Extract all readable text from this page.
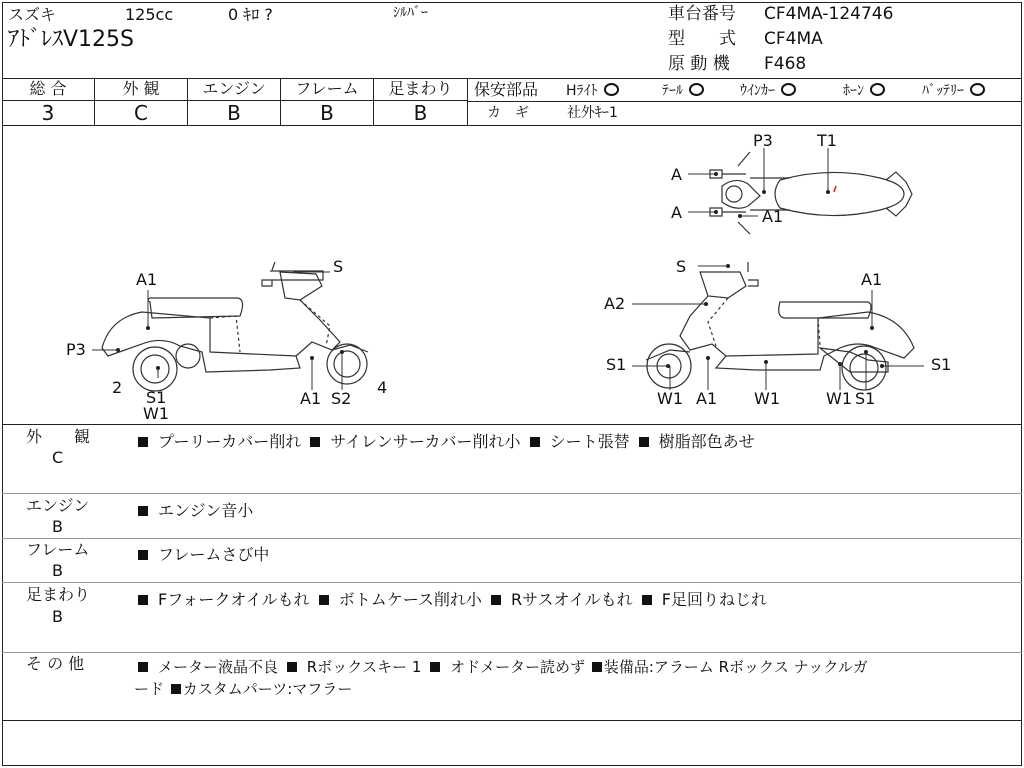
スズキ	125cc	0 ｷﾛ ?	ｼﾙﾊﾞｰ
ｱﾄﾞﾚｽV125S
車台番号 CF4MA-124746
型　　式 CF4MA
原 動 機 F468
総 合	外 観	エンジン	フレーム	足まわり
3	C	B	B	B
保安部品 Hﾗｲﾄ	ﾃｰﾙ	ｳｲﾝｶｰ	ﾎｰﾝ	ﾊﾞｯﾃﾘｰ
カ　ギ	社外ｷｰ1
A1
S
P3
2
S1
W1
A1 S2
4
S
A1
A2
S1	S1
W1 A1 W1	W1 S1
P3	T1
A
A	A1
外　　観
C
プーリーカバー削れ サイレンサーカバー削れ小 シート張替 樹脂部色あせ
エンジン
B
エンジン音小
フレーム
B
フレームさび中
足まわり
B
Fフォークオイルもれ ボトムケース削れ小 Rサスオイルもれ F足回りねじれ
そ の 他	メーター液晶不良 Rボックスキー 1 オドメーター読めず 装備品:アラーム Rボックス ナックルガ
ード カスタムパーツ:マフラー
